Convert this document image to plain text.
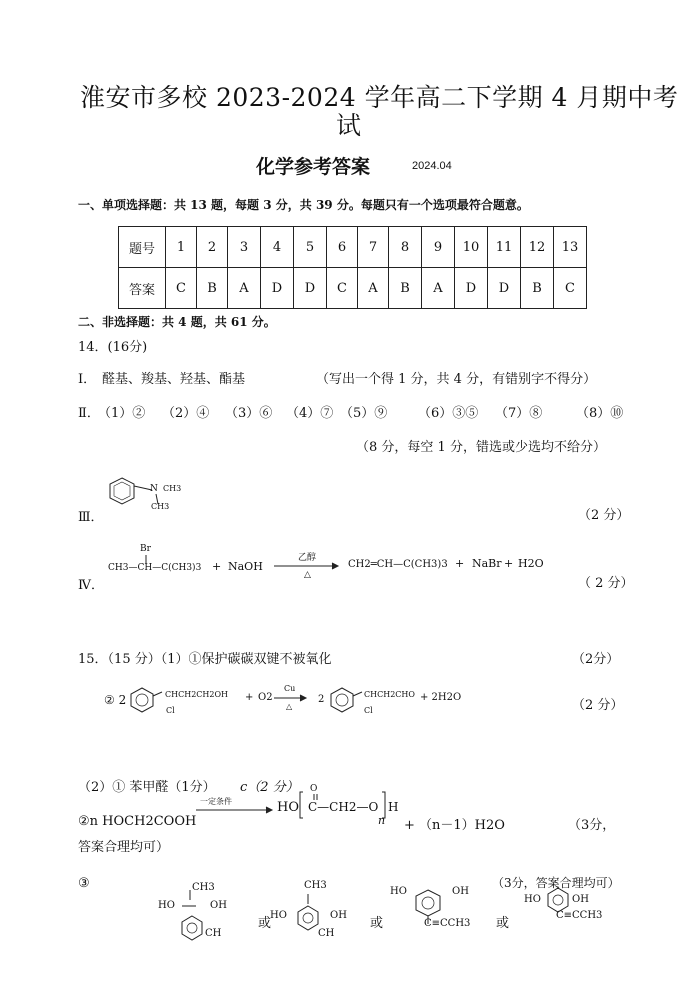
淮安市多校 2023-2024 学年高二下学期 4 月期中考
试
化学参考答案	2024.04
一、单项选择题：共 13 题，每题 3 分，共 39 分。每题只有一个选项最符合题意。
题号	1	2	3	4	5	6	7	8	9	10	11	12	13
答案	C	B	A	D	D	C	A	B	A	D	D	B	C
二、非选择题：共 4 题，共 61 分。
14．(16分)
Ⅰ． 醛基、羧基、羟基、酯基	（写出一个得 1 分，共 4 分，有错别字不得分）
Ⅱ．
（1）② （2）④ （3）⑥ （4）⑦ （5）⑨ （6）③⑤ （7）⑧	（8）⑩
（8 分，每空 1 分，错选或少选均不给分）
Ⅲ．
N CH3
CH3
（2 分）
Ⅳ．
Br
CH3—CH—C(CH3)3 + NaOH
乙醇
△
CH2═CH—C(CH3)3 + NaBr + H2O
（ 2 分）
15．（15 分）（1）①保护碳碳双键不被氧化	（2分）
② 2	CHCH2CH2OH
Cl
+ O2
Cu
△
2	CHCH2CHO
Cl
+ 2H2O
（2 分）
（2）① 苯甲醛（1分） c（2 分）
②n HOCH2COOH
一定条件	HO
O
C—CH2—O H
n + （n－1）H2O	（3分，
答案合理均可）
③	（3分，答案合理均可）
CH3
HO	OH
CH
或
CH3
HO	OH
CH
或
HO	OH
C≡CCH3 或
HO	OH
C≡CCH3
